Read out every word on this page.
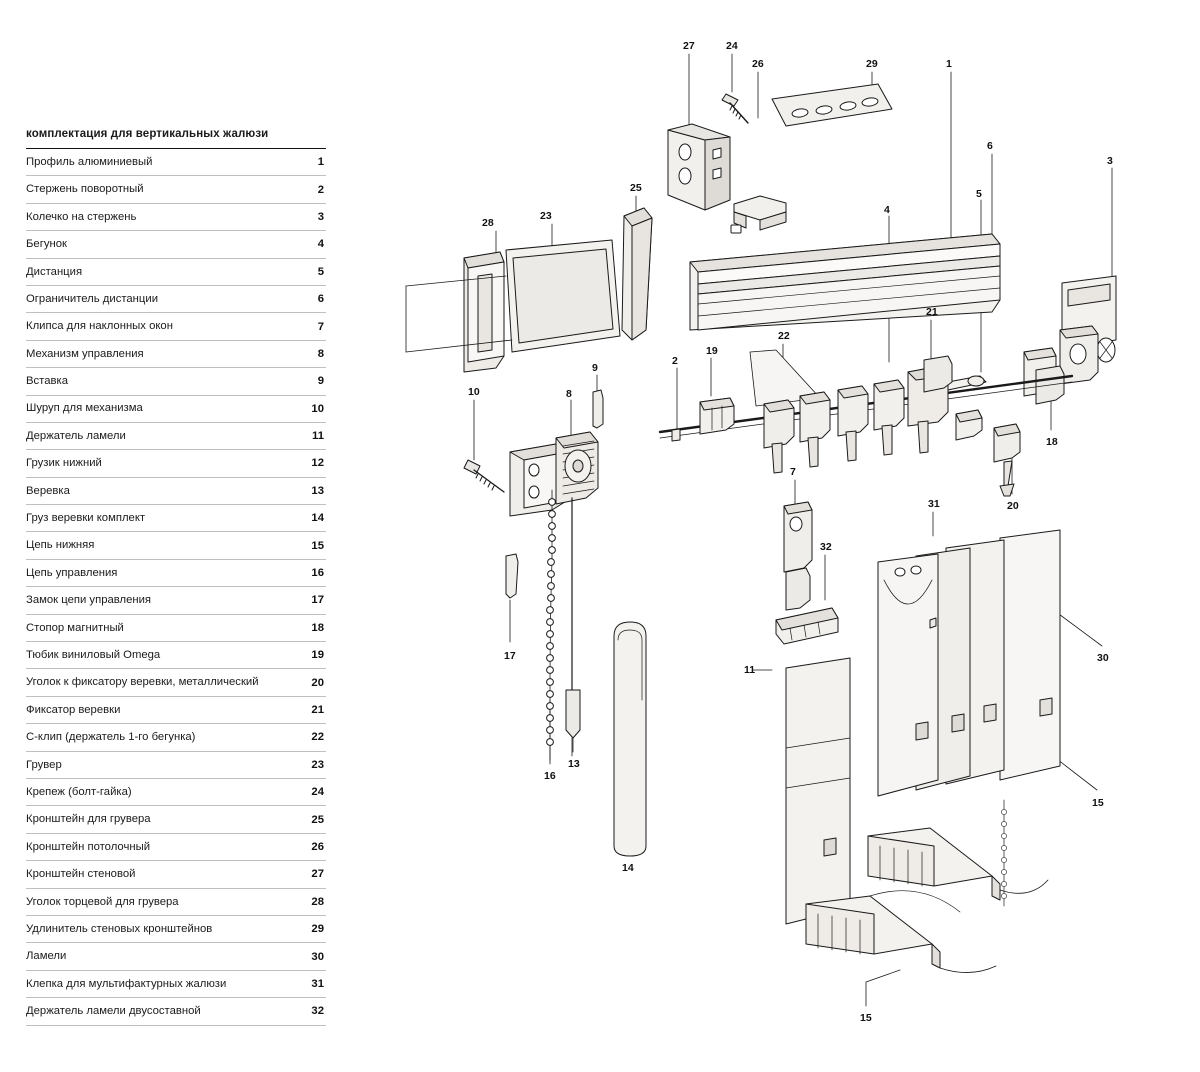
комплектация для вертикальных жалюзи
Профиль алюминиевый	1
Стержень поворотный	2
Колечко на стержень	3
Бегунок	4
Дистанция	5
Ограничитель дистанции	6
Клипса для наклонных окон	7
Механизм управления	8
Вставка	9
Шуруп для механизма	10
Держатель ламели	11
Грузик нижний	12
Веревка	13
Груз веревки комплект	14
Цепь нижняя	15
Цепь управления	16
Замок цепи управления	17
Стопор магнитный	18
Тюбик виниловый Omega	19
Уголок к фиксатору веревки, металлический	20
Фиксатор веревки	21
С-клип (держатель 1-го бегунка)	22
Грувер	23
Крепеж (болт-гайка)	24
Кронштейн для грувера	25
Кронштейн потолочный	26
Кронштейн стеновой	27
Уголок торцевой для грувера	28
Удлинитель стеновых кронштейнов	29
Ламели	30
Клепка для мультифактурных жалюзи	31
Держатель ламели двусоставной	32
27	24
26	29	1
6
3
25	5
28
23	4
21
22
2
19
9
8
10
18
20
7
31
32
17
11
30
13
16
15
14
15
